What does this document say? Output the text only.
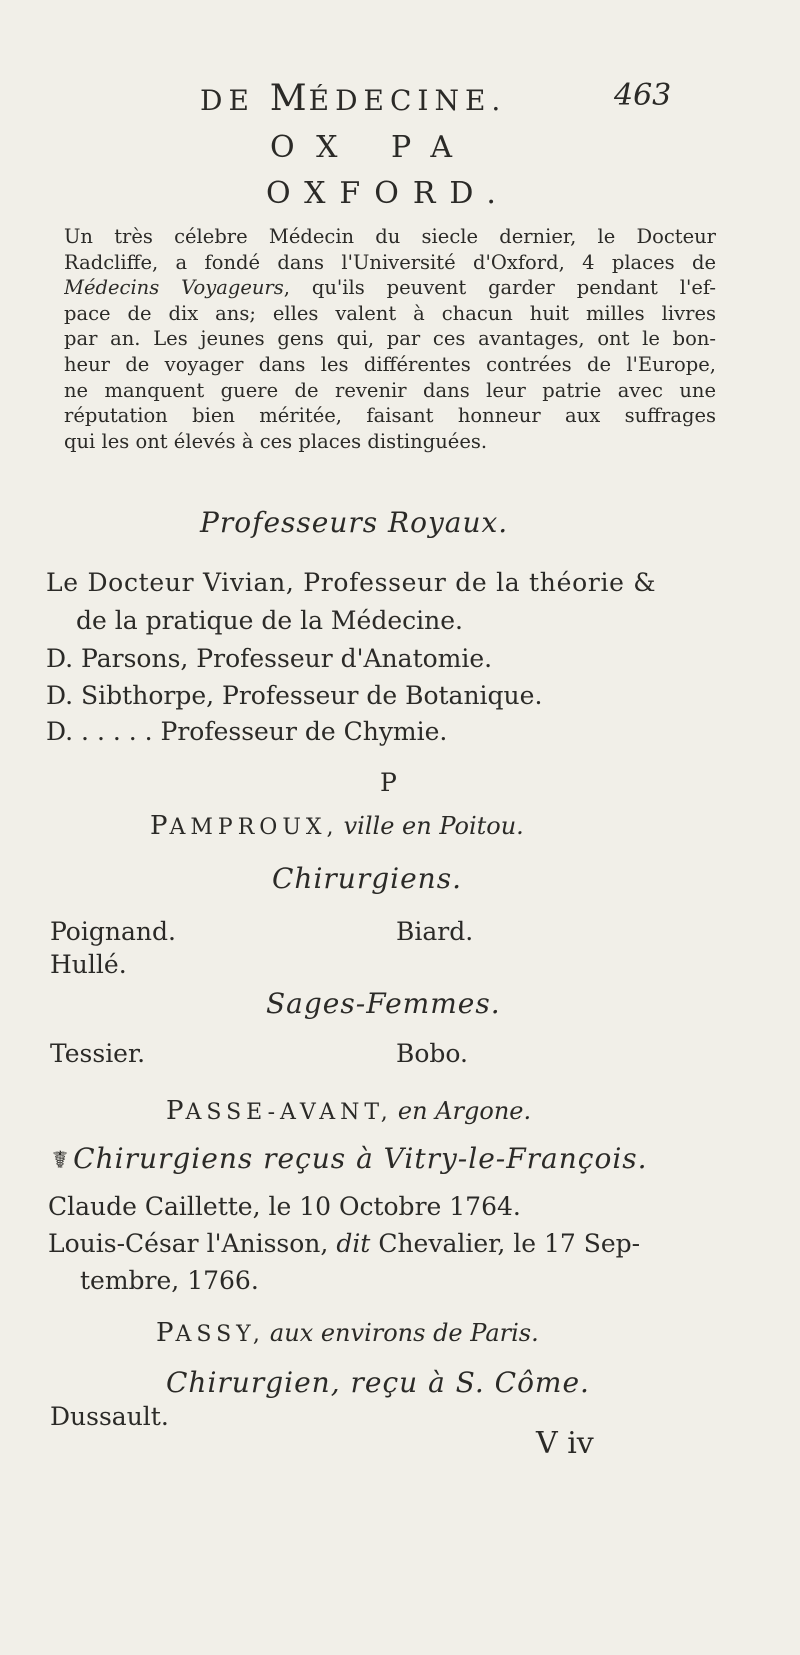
DE MÉDECINE.	463
OX PA
OXFORD.
Un très célebre Médecin du siecle dernier, le Docteur
Radcliffe, a fondé dans l'Université d'Oxford, 4 places de
Médecins Voyageurs, qu'ils peuvent garder pendant l'ef-
pace de dix ans; elles valent à chacun huit milles livres
par an. Les jeunes gens qui, par ces avantages, ont le bon-
heur de voyager dans les différentes contrées de l'Europe,
ne manquent guere de revenir dans leur patrie avec une
réputation bien méritée, faisant honneur aux suffrages
qui les ont élevés à ces places distinguées.
Professeurs Royaux.
Le Docteur Vivian, Professeur de la théorie &
de la pratique de la Médecine.
D. Parsons, Professeur d'Anatomie.
D. Sibthorpe, Professeur de Botanique.
D. . . . . . Professeur de Chymie.
P
PAMPROUX, ville en Poitou.
Chirurgiens.
Poignand.	Biard.
Hullé.
Sages-Femmes.
Tessier.	Bobo.
PASSE-AVANT, en Argone.
☤ Chirurgiens reçus à Vitry-le-François.
Claude Caillette, le 10 Octobre 1764.
Louis-César l'Anisson, dit Chevalier, le 17 Sep-
tembre, 1766.
PASSY, aux environs de Paris.
Chirurgien, reçu à S. Côme.
Dussault.
V iv
